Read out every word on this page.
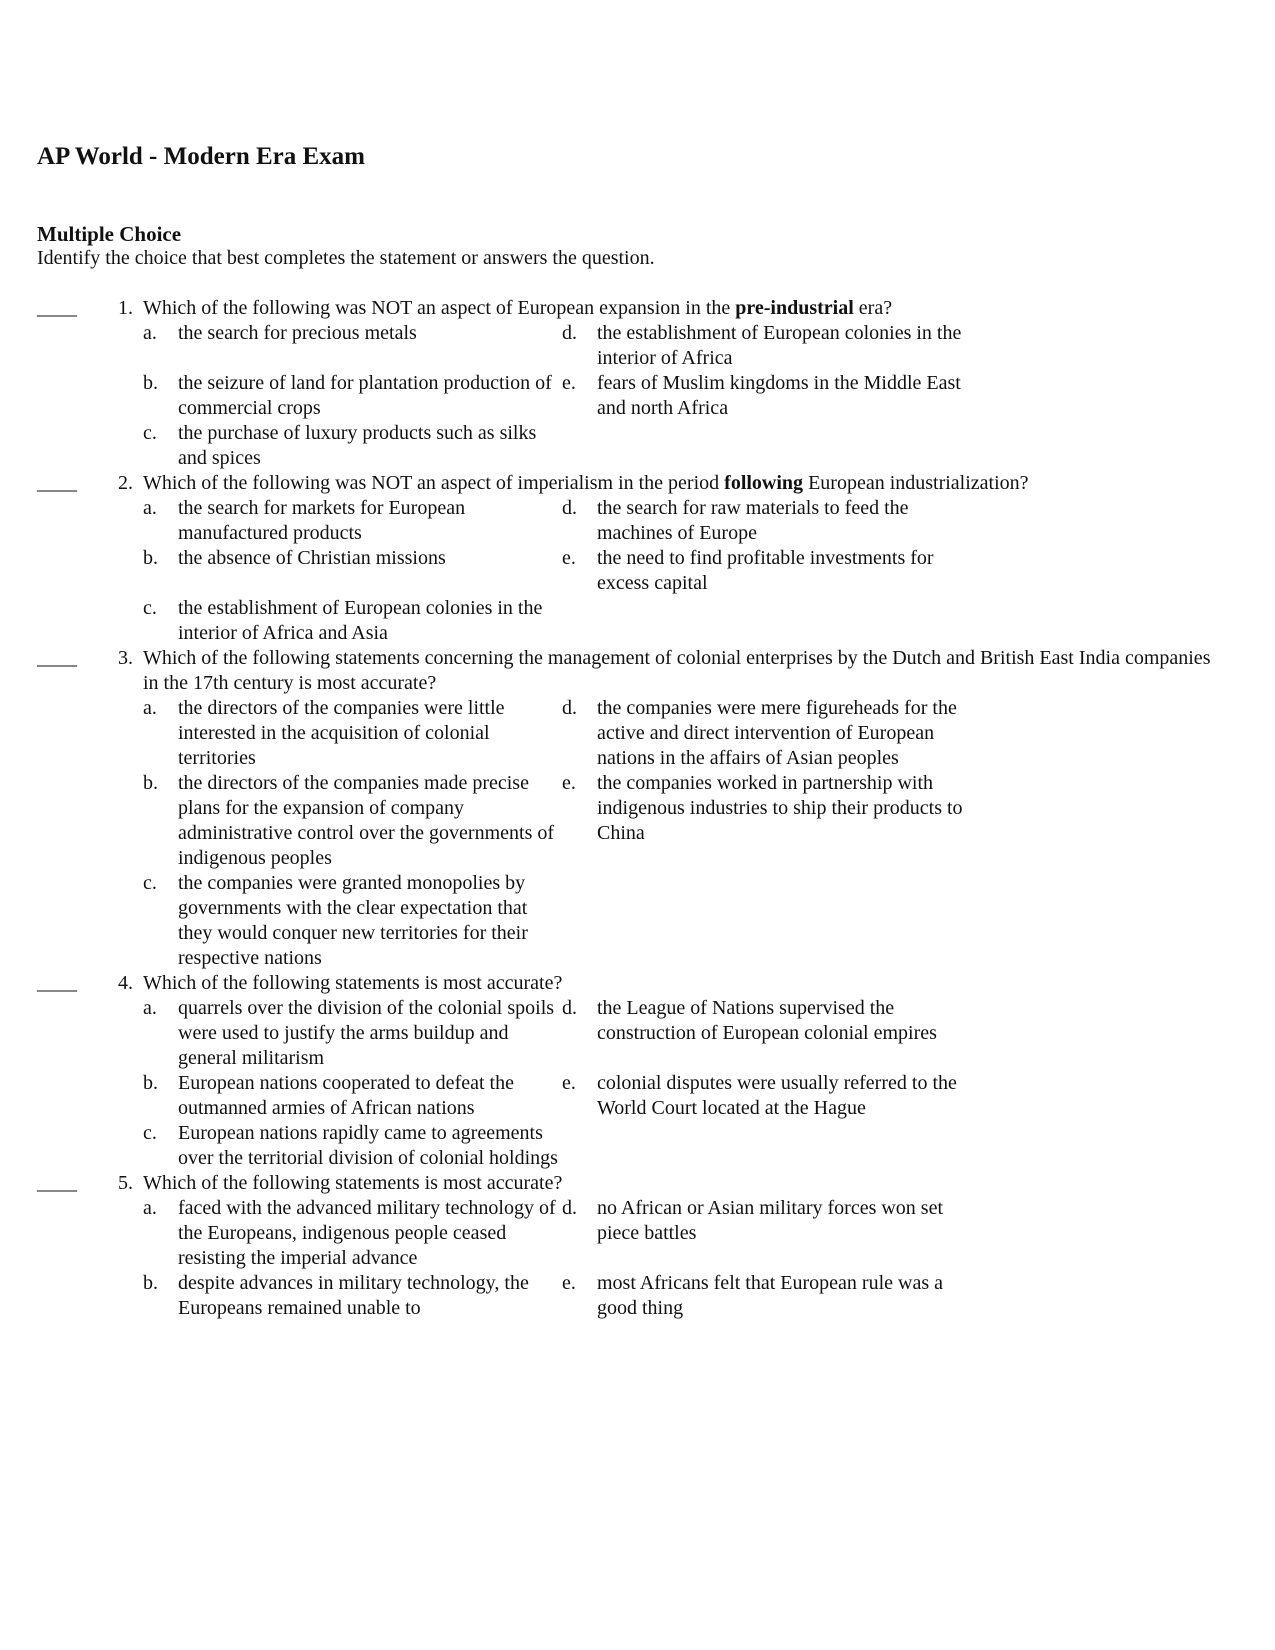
AP World - Modern Era Exam
Multiple Choice
Identify the choice that best completes the statement or answers the question.
____	1. Which of the following was NOT an aspect of European expansion in the pre-industrial era?
a.	the search for precious metals	d.	the establishment of European colonies in the interior of Africa
b.	the seizure of land for plantation production of commercial crops
e.	fears of Muslim kingdoms in the Middle East and north Africa
c.	the purchase of luxury products such as silks and spices
____	2. Which of the following was NOT an aspect of imperialism in the period following European industrialization?
a.	the search for markets for European manufactured products
d.	the search for raw materials to feed the machines of Europe
b.	the absence of Christian missions	e.	the need to find profitable investments for excess capital
c.	the establishment of European colonies in the interior of Africa and Asia
____	3. Which of the following statements concerning the management of colonial enterprises by the Dutch and British East India companies in the 17th century is most accurate?
a.	the directors of the companies were little interested in the acquisition of colonial territories
d.	the companies were mere figureheads for the active and direct intervention of European nations in the affairs of Asian peoples
b.	the directors of the companies made precise plans for the expansion of company administrative control over the governments of indigenous peoples
e.	the companies worked in partnership with indigenous industries to ship their products to China
c.	the companies were granted monopolies by governments with the clear expectation that they would conquer new territories for their respective nations
____	4. Which of the following statements is most accurate?
a.	quarrels over the division of the colonial spoils were used to justify the arms buildup and general militarism
d.	the League of Nations supervised the construction of European colonial empires
b.	European nations cooperated to defeat the outmanned armies of African nations
e.	colonial disputes were usually referred to the World Court located at the Hague
c.	European nations rapidly came to agreements over the territorial division of colonial holdings
____	5. Which of the following statements is most accurate?
a.	faced with the advanced military technology of the Europeans, indigenous people ceased resisting the imperial advance
d.	no African or Asian military forces won set piece battles
b.	despite advances in military technology, the Europeans remained unable to
e.	most Africans felt that European rule was a good thing
